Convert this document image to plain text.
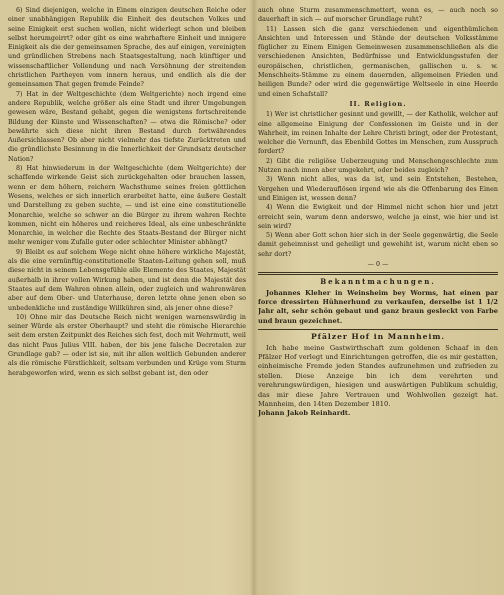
6) Sind diejenigen, welche in Einem einzigen deutschen Reiche oder einer unabhängigen Republik die Einheit des deutschen Volkes und seine Einigkeit erst suchen wollen, nicht widerlegt schon und bleiben selbst herumgeirrt? oder gibt es eine wahrhaftere Einheit und innigere Einigkeit als die der gemeinsamen Sprache, des auf einigen, vereinigten und gründlichen Strebens nach Staatsgestaltung, nach künftiger und wissenschaftlicher Vollendung und nach Versöhnung der streitenden christlichen Partheyen vom innern heraus, und endlich als die der gemeinsamen That gegen fremde Feinde?

7) Hat in der Weltgeschichte (dem Weltgerichte) noch irgend eine andere Republik, welche größer als eine Stadt und ihrer Umgebungen gewesen wäre, Bestand gehabt, gegen die wenigstens fortschreitende Bildung der Künste und Wissenschaften? — etwa die Römische? oder bewährte sich diese nicht ihren Bestand durch fortwährendes Außersichlassen? Ob aber nicht vielmehr das tiefste Zurücktreten und die gründlichste Besinnung in die Innerlichkeit der Grundsatz deutscher Nation?

8) Hat hinwiederum in der Weltgeschichte (dem Weltgerichte) der schaffende wirkende Geist sich zurückgehalten oder brauchen lassen, wenn er dem höhern, reichern Wachsthume seines freien göttlichen Wesens, welches er sich innerlich erarbeitet hatte, eine äußere Gestalt und Darstellung zu geben suchte, — und ist eine eine constitutionelle Monarchie, welche so schwer an die Bürger zu ihrem wahren Rechte kommen, nicht ein höheres und reicheres Ideal, als eine unbeschränkte Monarchie, in welcher die Rechte des Staats-Bestand der Bürger nicht mehr weniger vom Zufalle guter oder schlechter Minister abhängt?

9) Bleibt es auf solchem Wege nicht ohne höhere wirkliche Majestät, als die eine vernünftig-constitutionelle Staaten-Leitung gehen soll, muß diese nicht in seinem Lebensgefühle alle Elemente des Staates, Majestät außerhalb in ihrer vollen Wirkung haben, und ist denn die Majestät des Staates auf dem Wahren ohnen allein, oder zugleich und wahrenwären aber auf dem Ober- und Unterhause, deren letzte ohne jenen eben so unbedenkliche und zuständige Willkühren sind, als jener ohne diese?

10) Ohne mir das Deutsche Reich nicht wenigen warnenswürdig in seiner Würde als erster Oberhaupt? und steht die römische Hierarchie seit dem ersten Zeitpunkt des Reiches sich fest, doch mit Wehrmutt, weil das nicht Paus Julius VIII. haben, der bis jene falsche Decretalen zur Grundlage gab? — oder ist sie, mit ihr allen weltlich Gebunden anderer als die römische Fürstlichkeit, seltsam verbunden und Krüge vom Sturm herabgeworfen wird, wenn es sich selbst gebant ist, den oder

auch ohne Sturm zusammenschmettert, wenn es, — auch noch so dauerhaft in sich — auf morscher Grundlage ruht?

11) Lassen sich die ganz verschiedenen und eigenthümlichen Ansichten und Interessen und Stände der deutschen Volksstämme füglicher zu Einem Einigen Gemeinwesen zusammenschließen als die verschiedenen Ansichten, Bedürfnisse und Entwicklungsstufen der europäischen, christlichen, germanischen, gallischen u. s. w. Menschheits-Stämme zu einem dauernden, allgemeinen Frieden und heiligen Bunde? oder wird die gegenwärtige Weltseele in eine Heerde und einen Schafstall?

II. Religion.

1) Wer ist christlicher gesinnt und gewillt, — der Katholik, welcher auf eine allgemeine Einigung der Confessionen im Geiste und in der Wahrheit, im reinen Inhalte der Lehre Christi bringt, oder der Protestant, welcher die Vernunft, das Ebenbild Gottes im Menschen, zum Ausspruch fordert?

2) Gibt die religiöse Ueberzeugung und Menschengeschlechte zum Nutzen nach innen aber umgekehrt, oder beides zugleich?

3) Wenn nicht alles, was da ist, und sein Entstehen, Bestehen, Vergehen und Wiederauflösen irgend wie als die Offenbarung des Einen und Einigen ist, wessen denn?

4) Wenn die Ewigkeit und der Himmel nicht schon hier und jetzt erreicht sein, warum denn anderswo, welche ja einst, wie hier und ist sein wird?

5) Wenn aber Gott schon hier sich in der Seele gegenwärtig, die Seele damit geheimnisst und geheiligt und gewehiht ist, warum nicht eben so sehr dort?

— 0 —
Bekanntmachungen.

Johannes Kleher in Weinsheim bey Worms, hat einen par force dressirten Hühnerhund zu verkaufen, derselbe ist 1 1/2 Jahr alt, sehr schön gebaut und ganz braun gesleckt von Farbe und braun gezeichnet.

Pfälzer Hof in Mannheim.

Ich habe meine Gastwirthschaft zum goldenen Schaaf in den Pfälzer Hof verlegt und Einrichtungen getroffen, die es mir gestatten, einheimische Fremde jeden Standes aufzunehmen und zufrieden zu stellen. Diese Anzeige bin ich dem verehrten und verehrungswürdigen, hiesigen und auswärtigen Publikum schuldig, das mir diese Jahre Vertrauen und Wohlwollen gezeigt hat. Mannheim, den 14ten Dezember 1810.

Johann Jakob Reinhardt.
